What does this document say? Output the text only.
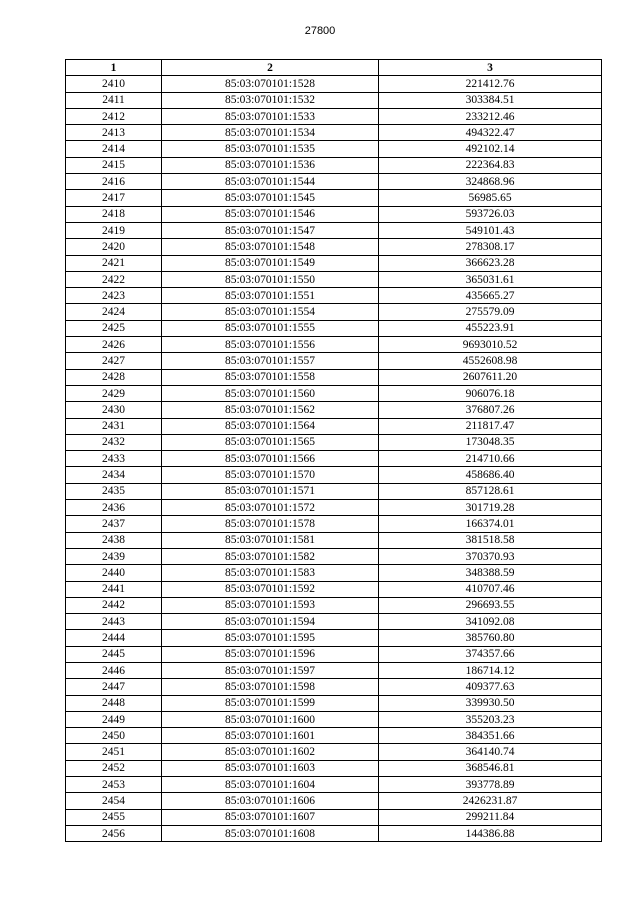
27800
1	2	3
2410	85:03:070101:1528	221412.76
2411	85:03:070101:1532	303384.51
2412	85:03:070101:1533	233212.46
2413	85:03:070101:1534	494322.47
2414	85:03:070101:1535	492102.14
2415	85:03:070101:1536	222364.83
2416	85:03:070101:1544	324868.96
2417	85:03:070101:1545	56985.65
2418	85:03:070101:1546	593726.03
2419	85:03:070101:1547	549101.43
2420	85:03:070101:1548	278308.17
2421	85:03:070101:1549	366623.28
2422	85:03:070101:1550	365031.61
2423	85:03:070101:1551	435665.27
2424	85:03:070101:1554	275579.09
2425	85:03:070101:1555	455223.91
2426	85:03:070101:1556	9693010.52
2427	85:03:070101:1557	4552608.98
2428	85:03:070101:1558	2607611.20
2429	85:03:070101:1560	906076.18
2430	85:03:070101:1562	376807.26
2431	85:03:070101:1564	211817.47
2432	85:03:070101:1565	173048.35
2433	85:03:070101:1566	214710.66
2434	85:03:070101:1570	458686.40
2435	85:03:070101:1571	857128.61
2436	85:03:070101:1572	301719.28
2437	85:03:070101:1578	166374.01
2438	85:03:070101:1581	381518.58
2439	85:03:070101:1582	370370.93
2440	85:03:070101:1583	348388.59
2441	85:03:070101:1592	410707.46
2442	85:03:070101:1593	296693.55
2443	85:03:070101:1594	341092.08
2444	85:03:070101:1595	385760.80
2445	85:03:070101:1596	374357.66
2446	85:03:070101:1597	186714.12
2447	85:03:070101:1598	409377.63
2448	85:03:070101:1599	339930.50
2449	85:03:070101:1600	355203.23
2450	85:03:070101:1601	384351.66
2451	85:03:070101:1602	364140.74
2452	85:03:070101:1603	368546.81
2453	85:03:070101:1604	393778.89
2454	85:03:070101:1606	2426231.87
2455	85:03:070101:1607	299211.84
2456	85:03:070101:1608	144386.88
